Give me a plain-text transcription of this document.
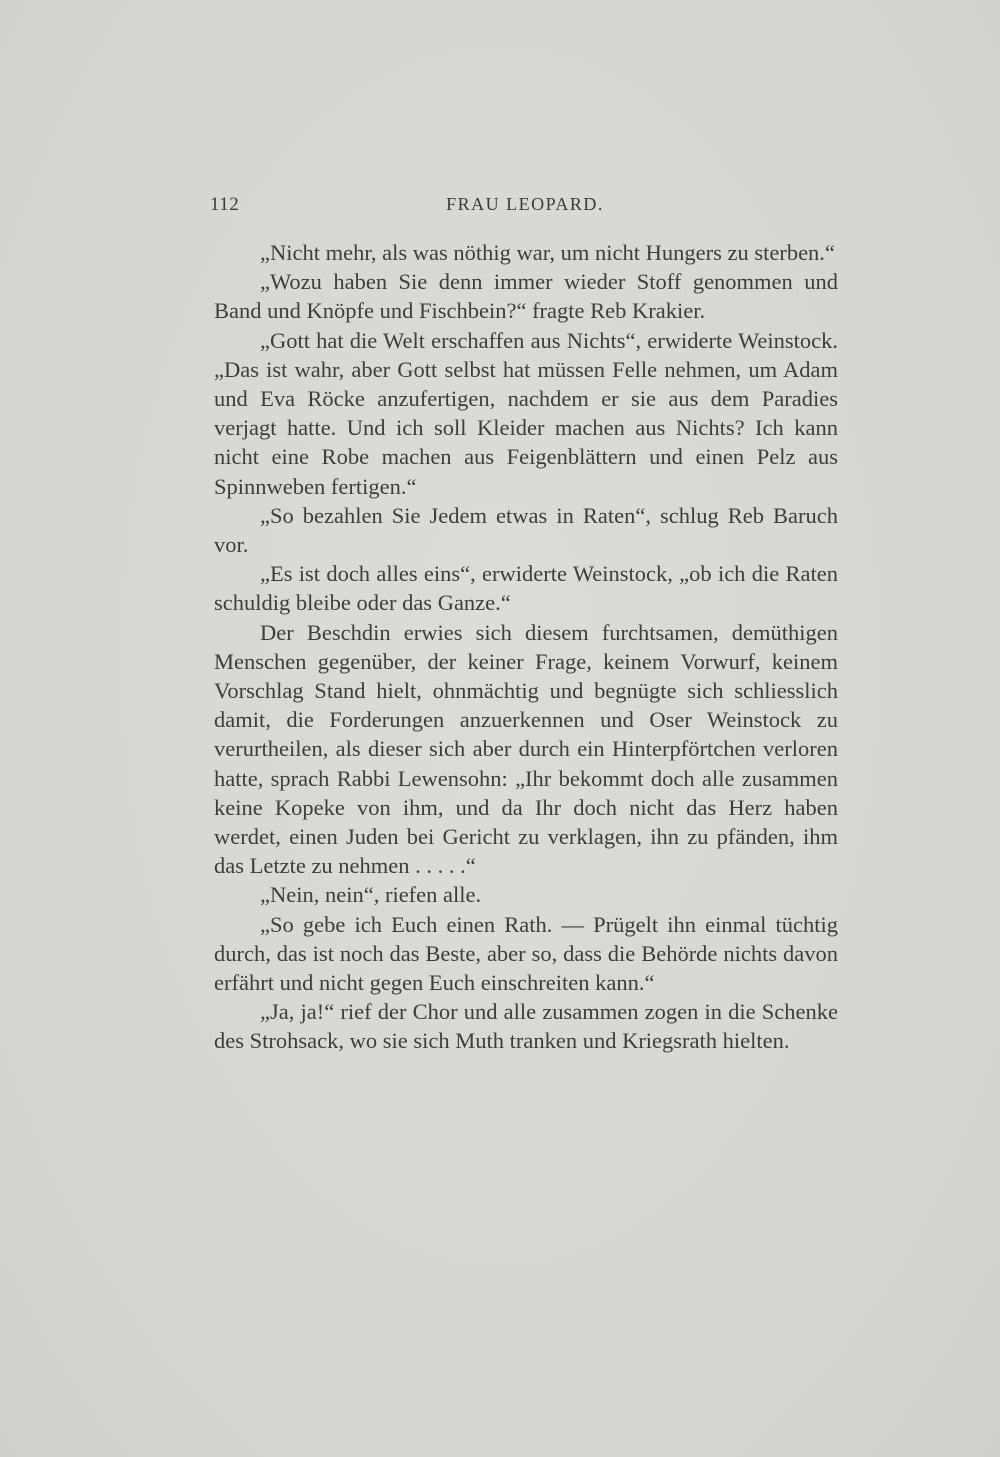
112	FRAU LEOPARD.

„Nicht mehr, als was nöthig war, um nicht Hungers zu sterben.“

„Wozu haben Sie denn immer wieder Stoff genommen und Band und Knöpfe und Fischbein?“ fragte Reb Krakier.

„Gott hat die Welt erschaffen aus Nichts“, erwiderte Weinstock. „Das ist wahr, aber Gott selbst hat müssen Felle nehmen, um Adam und Eva Röcke anzufertigen, nachdem er sie aus dem Paradies verjagt hatte. Und ich soll Kleider machen aus Nichts? Ich kann nicht eine Robe machen aus Feigenblättern und einen Pelz aus Spinnweben fertigen.“

„So bezahlen Sie Jedem etwas in Raten“, schlug Reb Baruch vor.

„Es ist doch alles eins“, erwiderte Weinstock, „ob ich die Raten schuldig bleibe oder das Ganze.“

Der Beschdin erwies sich diesem furchtsamen, demüthigen Menschen gegenüber, der keiner Frage, keinem Vorwurf, keinem Vorschlag Stand hielt, ohnmächtig und begnügte sich schliesslich damit, die Forderungen anzuerkennen und Oser Weinstock zu verurtheilen, als dieser sich aber durch ein Hinterpförtchen verloren hatte, sprach Rabbi Lewensohn: „Ihr bekommt doch alle zusammen keine Kopeke von ihm, und da Ihr doch nicht das Herz haben werdet, einen Juden bei Gericht zu verklagen, ihn zu pfänden, ihm das Letzte zu nehmen . . . . .“

„Nein, nein“, riefen alle.

„So gebe ich Euch einen Rath. — Prügelt ihn einmal tüchtig durch, das ist noch das Beste, aber so, dass die Behörde nichts davon erfährt und nicht gegen Euch einschreiten kann.“

„Ja, ja!“ rief der Chor und alle zusammen zogen in die Schenke des Strohsack, wo sie sich Muth tranken und Kriegsrath hielten.
